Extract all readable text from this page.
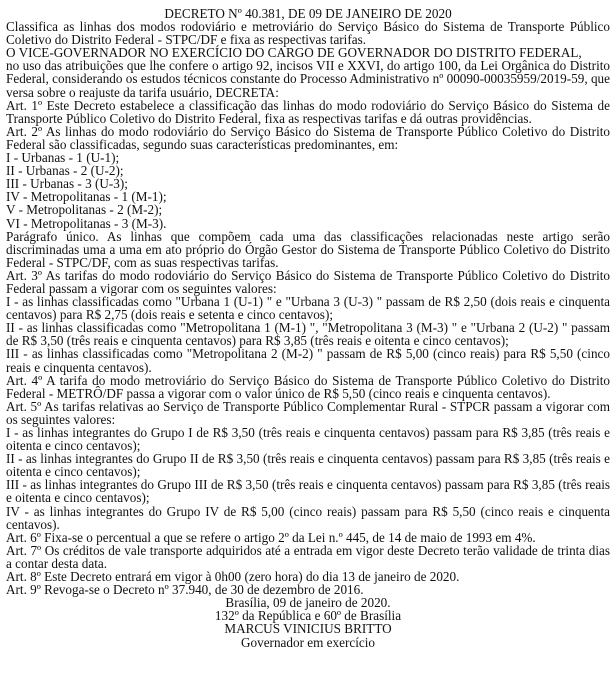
DECRETO Nº 40.381, DE 09 DE JANEIRO DE 2020

Classifica as linhas dos modos rodoviário e metroviário do Serviço Básico do Sistema de Transporte Público Coletivo do Distrito Federal - STPC/DF e fixa as respectivas tarifas.

O VICE-GOVERNADOR NO EXERCÍCIO DO CARGO DE GOVERNADOR DO DISTRITO FEDERAL,

no uso das atribuições que lhe confere o artigo 92, incisos VII e XXVI, do artigo 100, da Lei Orgânica do Distrito Federal, considerando os estudos técnicos constante do Processo Administrativo nº 00090-00035959/2019-59, que versa sobre o reajuste da tarifa usuário, DECRETA:

Art. 1º Este Decreto estabelece a classificação das linhas do modo rodoviário do Serviço Básico do Sistema de Transporte Público Coletivo do Distrito Federal, fixa as respectivas tarifas e dá outras providências.

Art. 2º As linhas do modo rodoviário do Serviço Básico do Sistema de Transporte Público Coletivo do Distrito Federal são classificadas, segundo suas características predominantes, em:

I - Urbanas - 1 (U-1);

II - Urbanas - 2 (U-2);

III - Urbanas - 3 (U-3);

IV - Metropolitanas - 1 (M-1);

V - Metropolitanas - 2 (M-2);

VI - Metropolitanas - 3 (M-3).

Parágrafo único. As linhas que compõem cada uma das classificações relacionadas neste artigo serão discriminadas uma a uma em ato próprio do Órgão Gestor do Sistema de Transporte Público Coletivo do Distrito Federal - STPC/DF, com as suas respectivas tarifas.

Art. 3º As tarifas do modo rodoviário do Serviço Básico do Sistema de Transporte Público Coletivo do Distrito Federal passam a vigorar com os seguintes valores:

I - as linhas classificadas como "Urbana 1 (U-1) " e "Urbana 3 (U-3) " passam de R$ 2,50 (dois reais e cinquenta centavos) para R$ 2,75 (dois reais e setenta e cinco centavos);

II - as linhas classificadas como "Metropolitana 1 (M-1) ", "Metropolitana 3 (M-3) " e "Urbana 2 (U-2) " passam de R$ 3,50 (três reais e cinquenta centavos) para R$ 3,85 (três reais e oitenta e cinco centavos);

III - as linhas classificadas como "Metropolitana 2 (M-2) " passam de R$ 5,00 (cinco reais) para R$ 5,50 (cinco reais e cinquenta centavos).

Art. 4º A tarifa do modo metroviário do Serviço Básico do Sistema de Transporte Público Coletivo do Distrito Federal - METRÔ/DF passa a vigorar com o valor único de R$ 5,50 (cinco reais e cinquenta centavos).

Art. 5º As tarifas relativas ao Serviço de Transporte Público Complementar Rural - STPCR passam a vigorar com os seguintes valores:

I - as linhas integrantes do Grupo I de R$ 3,50 (três reais e cinquenta centavos) passam para R$ 3,85 (três reais e oitenta e cinco centavos);

II - as linhas integrantes do Grupo II de R$ 3,50 (três reais e cinquenta centavos) passam para R$ 3,85 (três reais e oitenta e cinco centavos);

III - as linhas integrantes do Grupo III de R$ 3,50 (três reais e cinquenta centavos) passam para R$ 3,85 (três reais e oitenta e cinco centavos);

IV - as linhas integrantes do Grupo IV de R$ 5,00 (cinco reais) passam para R$ 5,50 (cinco reais e cinquenta centavos).

Art. 6º Fixa-se o percentual a que se refere o artigo 2º da Lei n.º 445, de 14 de maio de 1993 em 4%.

Art. 7º Os créditos de vale transporte adquiridos até a entrada em vigor deste Decreto terão validade de trinta dias a contar desta data.

Art. 8º Este Decreto entrará em vigor à 0h00 (zero hora) do dia 13 de janeiro de 2020.

Art. 9º Revoga-se o Decreto nº 37.940, de 30 de dezembro de 2016.

Brasília, 09 de janeiro de 2020.

132º da República e 60º de Brasília

MARCUS VINICIUS BRITTO

Governador em exercício
